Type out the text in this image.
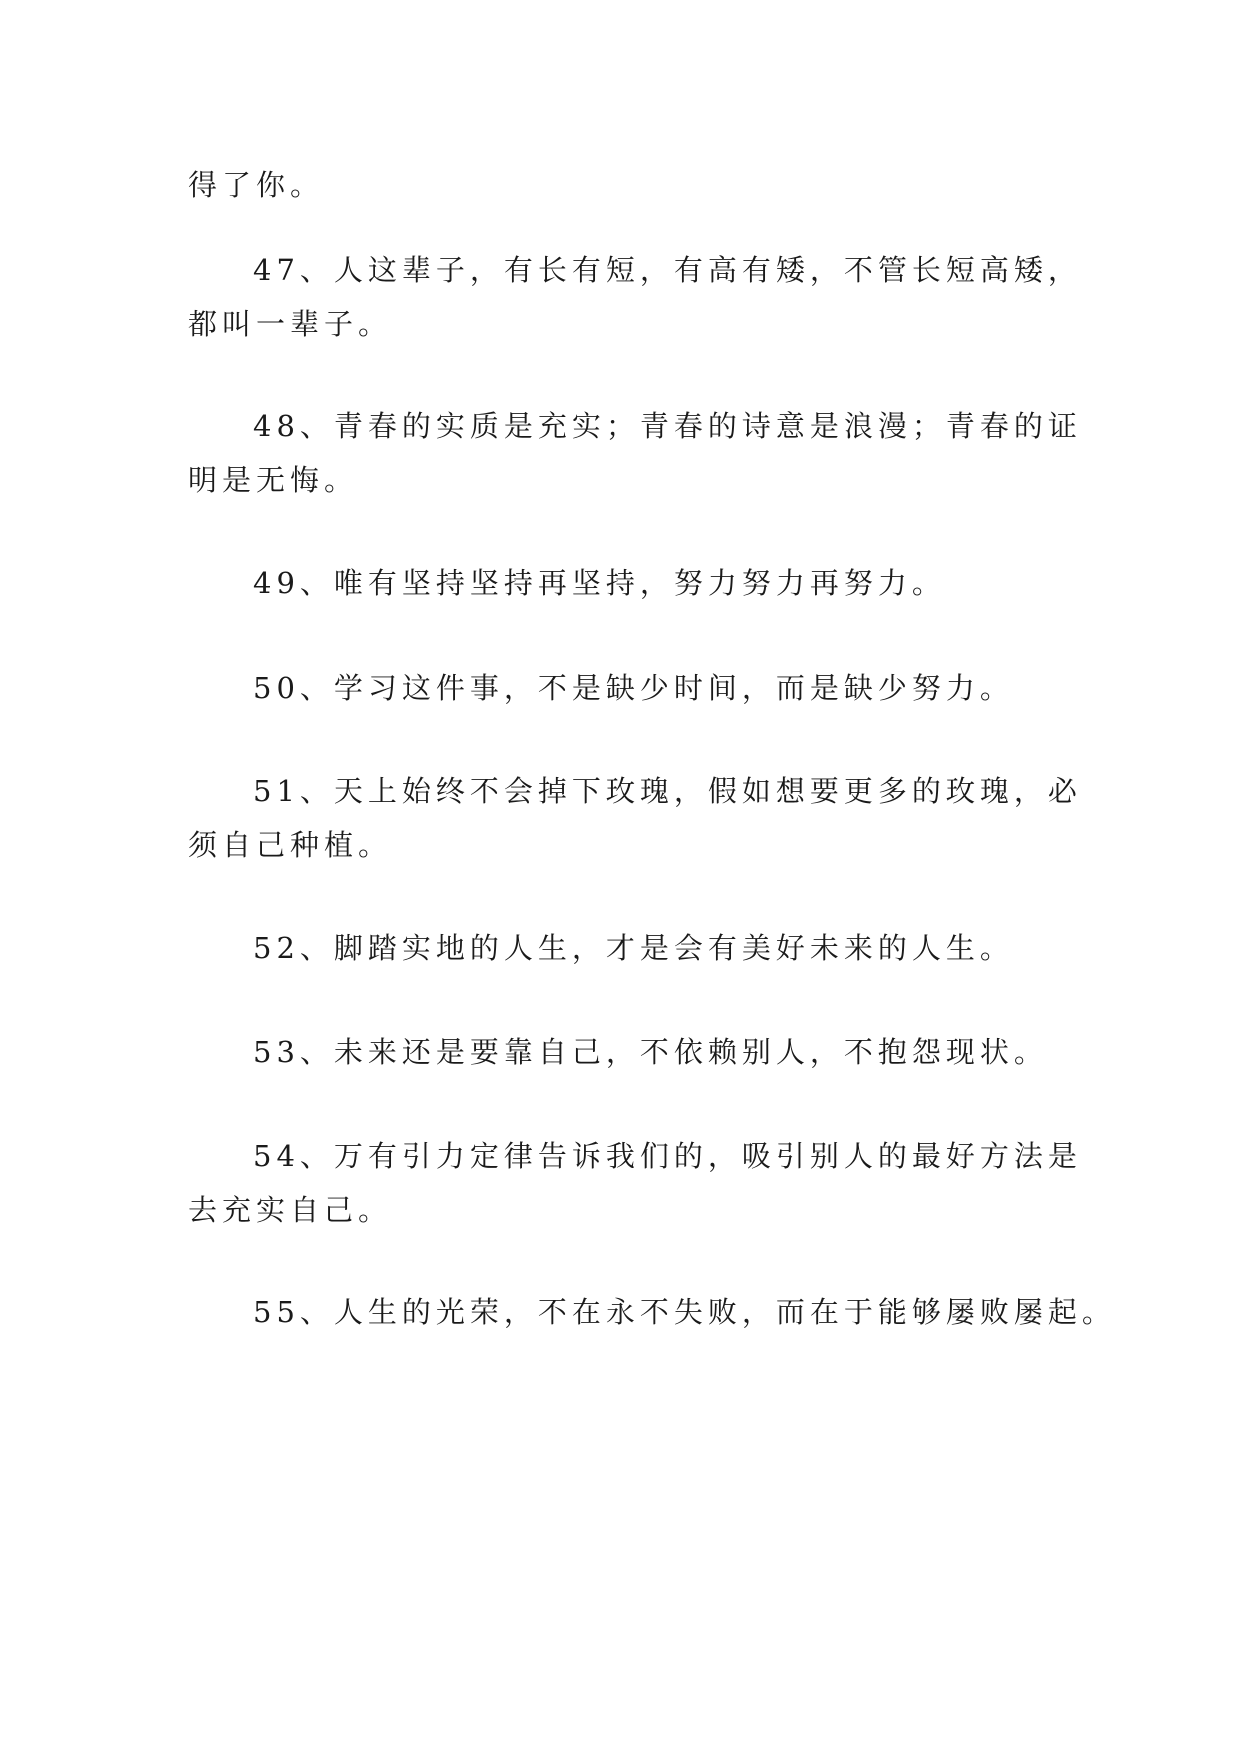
得了你。

47、人这辈子，有长有短，有高有矮，不管长短高矮，

都叫一辈子。

48、青春的实质是充实；青春的诗意是浪漫；青春的证

明是无悔。

49、唯有坚持坚持再坚持，努力努力再努力。

50、学习这件事，不是缺少时间，而是缺少努力。

51、天上始终不会掉下玫瑰，假如想要更多的玫瑰，必

须自己种植。

52、脚踏实地的人生，才是会有美好未来的人生。

53、未来还是要靠自己，不依赖别人，不抱怨现状。

54、万有引力定律告诉我们的，吸引别人的最好方法是

去充实自己。

55、人生的光荣，不在永不失败，而在于能够屡败屡起。
